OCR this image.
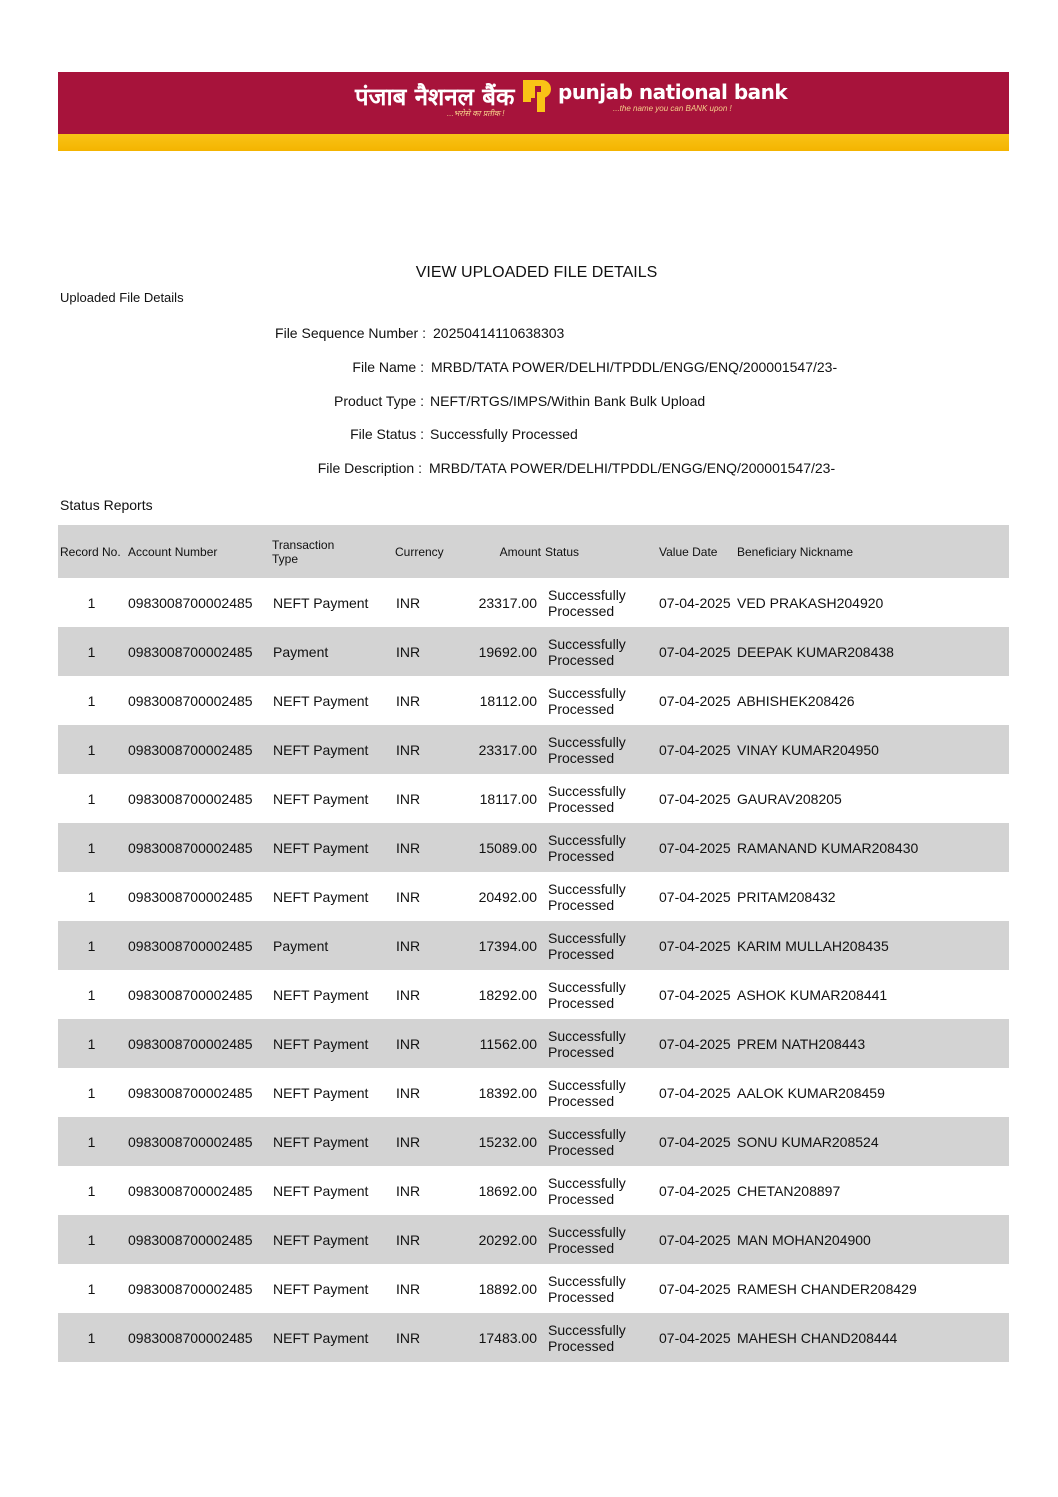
पंजाब नैशनल बैंक
...भरोसे का प्रतीक !
punjab national bank
...the name you can BANK upon !
VIEW UPLOADED FILE DETAILS
Uploaded File Details
File Sequence Number : 20250414110638303
File Name : MRBD/TATA POWER/DELHI/TPDDL/ENGG/ENQ/200001547/23-
Product Type : NEFT/RTGS/IMPS/Within Bank Bulk Upload
File Status : Successfully Processed
File Description : MRBD/TATA POWER/DELHI/TPDDL/ENGG/ENQ/200001547/23-
Status Reports
Record No.	Account Number	Transaction Type	Currency	Amount	Status	Value Date	Beneficiary Nickname
1	0983008700002485	NEFT Payment	INR	23317.00	Successfully
Processed	07-04-2025	VED PRAKASH204920
1	0983008700002485	Payment	INR	19692.00	Successfully
Processed	07-04-2025	DEEPAK KUMAR208438
1	0983008700002485	NEFT Payment	INR	18112.00	Successfully
Processed	07-04-2025	ABHISHEK208426
1	0983008700002485	NEFT Payment	INR	23317.00	Successfully
Processed	07-04-2025	VINAY KUMAR204950
1	0983008700002485	NEFT Payment	INR	18117.00	Successfully
Processed	07-04-2025	GAURAV208205
1	0983008700002485	NEFT Payment	INR	15089.00	Successfully
Processed	07-04-2025	RAMANAND KUMAR208430
1	0983008700002485	NEFT Payment	INR	20492.00	Successfully
Processed	07-04-2025	PRITAM208432
1	0983008700002485	Payment	INR	17394.00	Successfully
Processed	07-04-2025	KARIM MULLAH208435
1	0983008700002485	NEFT Payment	INR	18292.00	Successfully
Processed	07-04-2025	ASHOK KUMAR208441
1	0983008700002485	NEFT Payment	INR	11562.00	Successfully
Processed	07-04-2025	PREM NATH208443
1	0983008700002485	NEFT Payment	INR	18392.00	Successfully
Processed	07-04-2025	AALOK KUMAR208459
1	0983008700002485	NEFT Payment	INR	15232.00	Successfully
Processed	07-04-2025	SONU KUMAR208524
1	0983008700002485	NEFT Payment	INR	18692.00	Successfully
Processed	07-04-2025	CHETAN208897
1	0983008700002485	NEFT Payment	INR	20292.00	Successfully
Processed	07-04-2025	MAN MOHAN204900
1	0983008700002485	NEFT Payment	INR	18892.00	Successfully
Processed	07-04-2025	RAMESH CHANDER208429
1	0983008700002485	NEFT Payment	INR	17483.00	Successfully
Processed	07-04-2025	MAHESH CHAND208444
